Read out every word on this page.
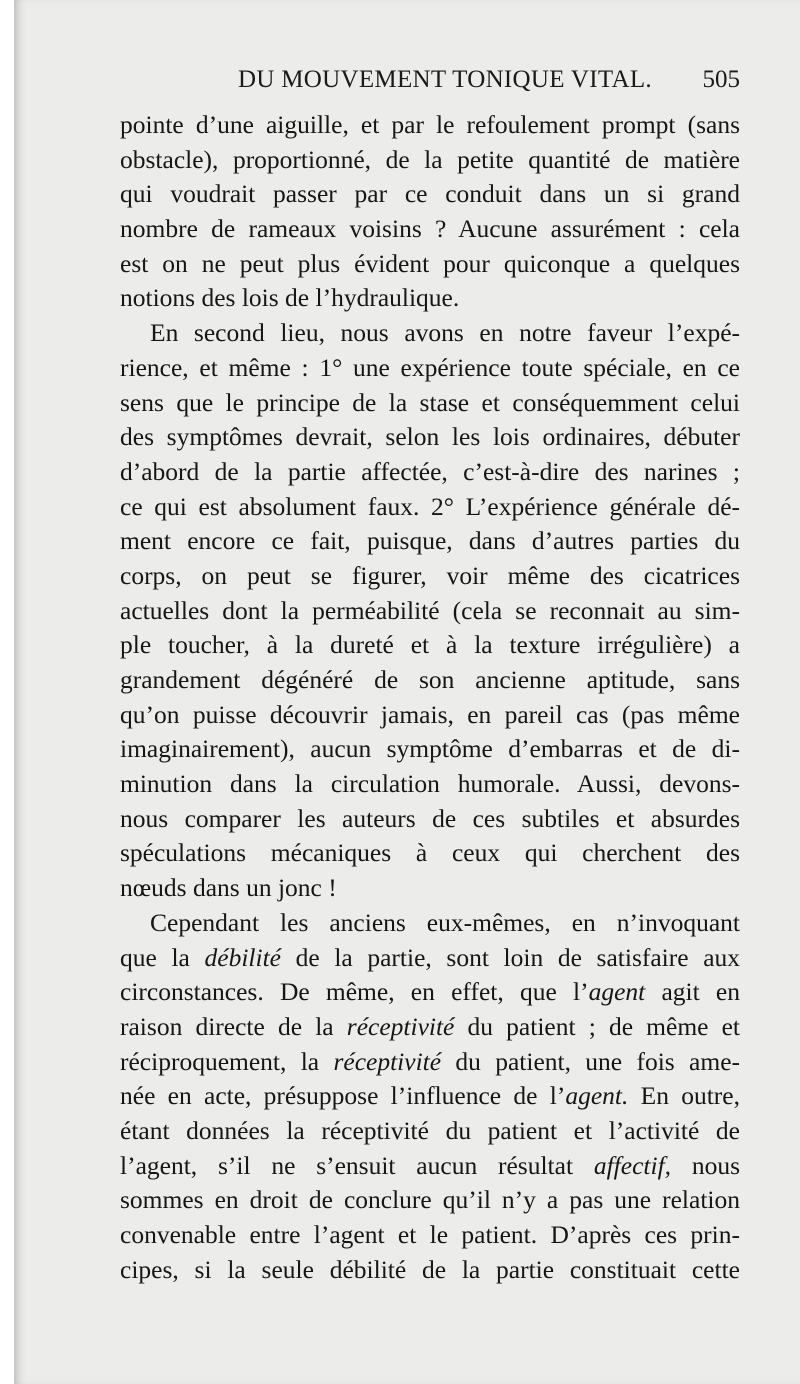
DU MOUVEMENT TONIQUE VITAL. 505
pointe d’une aiguille, et par le refoulement prompt (sans
obstacle), proportionné, de la petite quantité de matière
qui voudrait passer par ce conduit dans un si grand
nombre de rameaux voisins ? Aucune assurément : cela
est on ne peut plus évident pour quiconque a quelques
notions des lois de l’hydraulique.
En second lieu, nous avons en notre faveur l’expé-
rience, et même : 1° une expérience toute spéciale, en ce
sens que le principe de la stase et conséquemment celui
des symptômes devrait, selon les lois ordinaires, débuter
d’abord de la partie affectée, c’est-à-dire des narines ;
ce qui est absolument faux. 2° L’expérience générale dé-
ment encore ce fait, puisque, dans d’autres parties du
corps, on peut se figurer, voir même des cicatrices
actuelles dont la perméabilité (cela se reconnait au sim-
ple toucher, à la dureté et à la texture irrégulière) a
grandement dégénéré de son ancienne aptitude, sans
qu’on puisse découvrir jamais, en pareil cas (pas même
imaginairement), aucun symptôme d’embarras et de di-
minution dans la circulation humorale. Aussi, devons-
nous comparer les auteurs de ces subtiles et absurdes
spéculations mécaniques à ceux qui cherchent des
nœuds dans un jonc !
Cependant les anciens eux-mêmes, en n’invoquant
que la débilité de la partie, sont loin de satisfaire aux
circonstances. De même, en effet, que l’agent agit en
raison directe de la réceptivité du patient ; de même et
réciproquement, la réceptivité du patient, une fois ame-
née en acte, présuppose l’influence de l’agent. En outre,
étant données la réceptivité du patient et l’activité de
l’agent, s’il ne s’ensuit aucun résultat affectif, nous
sommes en droit de conclure qu’il n’y a pas une relation
convenable entre l’agent et le patient. D’après ces prin-
cipes, si la seule débilité de la partie constituait cette
